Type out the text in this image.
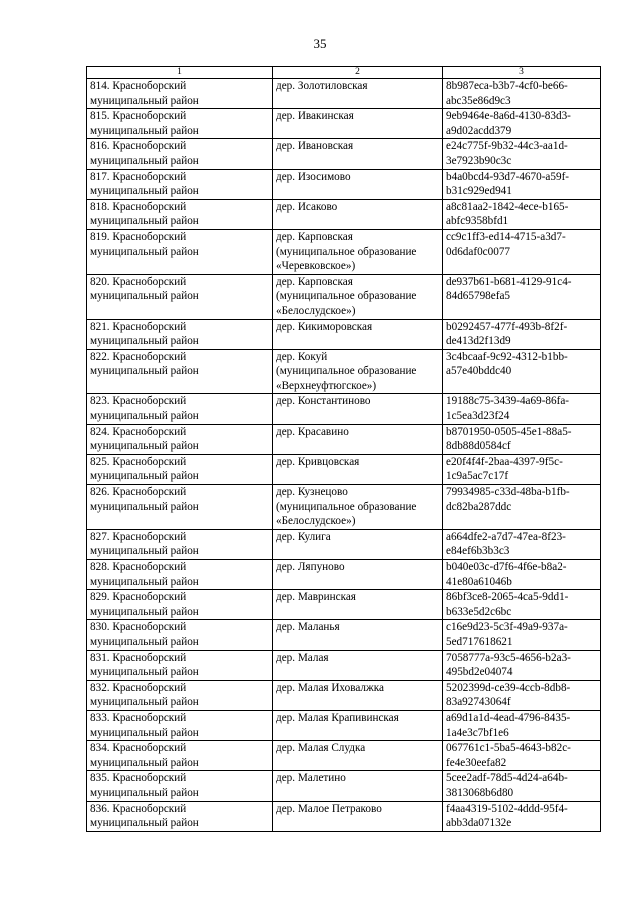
35
1	2	3

814. Красноборский
муниципальный район	дер. Золотиловская	8b987eca-b3b7-4cf0-be66-
abc35e86d9c3

815. Красноборский
муниципальный район	дер. Ивакинская	9eb9464e-8a6d-4130-83d3-
a9d02acdd379

816. Красноборский
муниципальный район	дер. Ивановская	e24c775f-9b32-44c3-aa1d-
3e7923b90c3c

817. Красноборский
муниципальный район	дер. Изосимово	b4a0bcd4-93d7-4670-a59f-
b31c929ed941

818. Красноборский
муниципальный район	дер. Исаково	a8c81aa2-1842-4ece-b165-
abfc9358bfd1

819. Красноборский
муниципальный район	дер. Карповская
(муниципальное образование
«Черевковское»)	cc9c1ff3-ed14-4715-a3d7-
0d6daf0c0077

820. Красноборский
муниципальный район	дер. Карповская
(муниципальное образование
«Белослудское»)	de937b61-b681-4129-91c4-
84d65798efa5

821. Красноборский
муниципальный район	дер. Кикиморовская	b0292457-477f-493b-8f2f-
de413d2f13d9

822. Красноборский
муниципальный район	дер. Кокуй
(муниципальное образование
«Верхнеуфтюгское»)	3c4bcaaf-9c92-4312-b1bb-
a57e40bddc40

823. Красноборский
муниципальный район	дер. Константиново	19188c75-3439-4a69-86fa-
1c5ea3d23f24

824. Красноборский
муниципальный район	дер. Красавино	b8701950-0505-45e1-88a5-
8db88d0584cf

825. Красноборский
муниципальный район	дер. Кривцовская	e20f4f4f-2baa-4397-9f5c-
1c9a5ac7c17f

826. Красноборский
муниципальный район	дер. Кузнецово
(муниципальное образование
«Белослудское»)	79934985-c33d-48ba-b1fb-
dc82ba287ddc

827. Красноборский
муниципальный район	дер. Кулига	a664dfe2-a7d7-47ea-8f23-
e84ef6b3b3c3

828. Красноборский
муниципальный район	дер. Ляпуново	b040e03c-d7f6-4f6e-b8a2-
41e80a61046b

829. Красноборский
муниципальный район	дер. Мавринская	86bf3ce8-2065-4ca5-9dd1-
b633e5d2c6bc

830. Красноборский
муниципальный район	дер. Маланья	c16e9d23-5c3f-49a9-937a-
5ed717618621

831. Красноборский
муниципальный район	дер. Малая	7058777a-93c5-4656-b2a3-
495bd2e04074

832. Красноборский
муниципальный район	дер. Малая Иховалжка	5202399d-ce39-4ccb-8db8-
83a92743064f

833. Красноборский
муниципальный район	дер. Малая Крапивинская	a69d1a1d-4ead-4796-8435-
1a4e3c7bf1e6

834. Красноборский
муниципальный район	дер. Малая Слудка	067761c1-5ba5-4643-b82c-
fe4e30eefa82

835. Красноборский
муниципальный район	дер. Малетино	5cee2adf-78d5-4d24-a64b-
3813068b6d80

836. Красноборский
муниципальный район	дер. Малое Петраково	f4aa4319-5102-4ddd-95f4-
abb3da07132e
